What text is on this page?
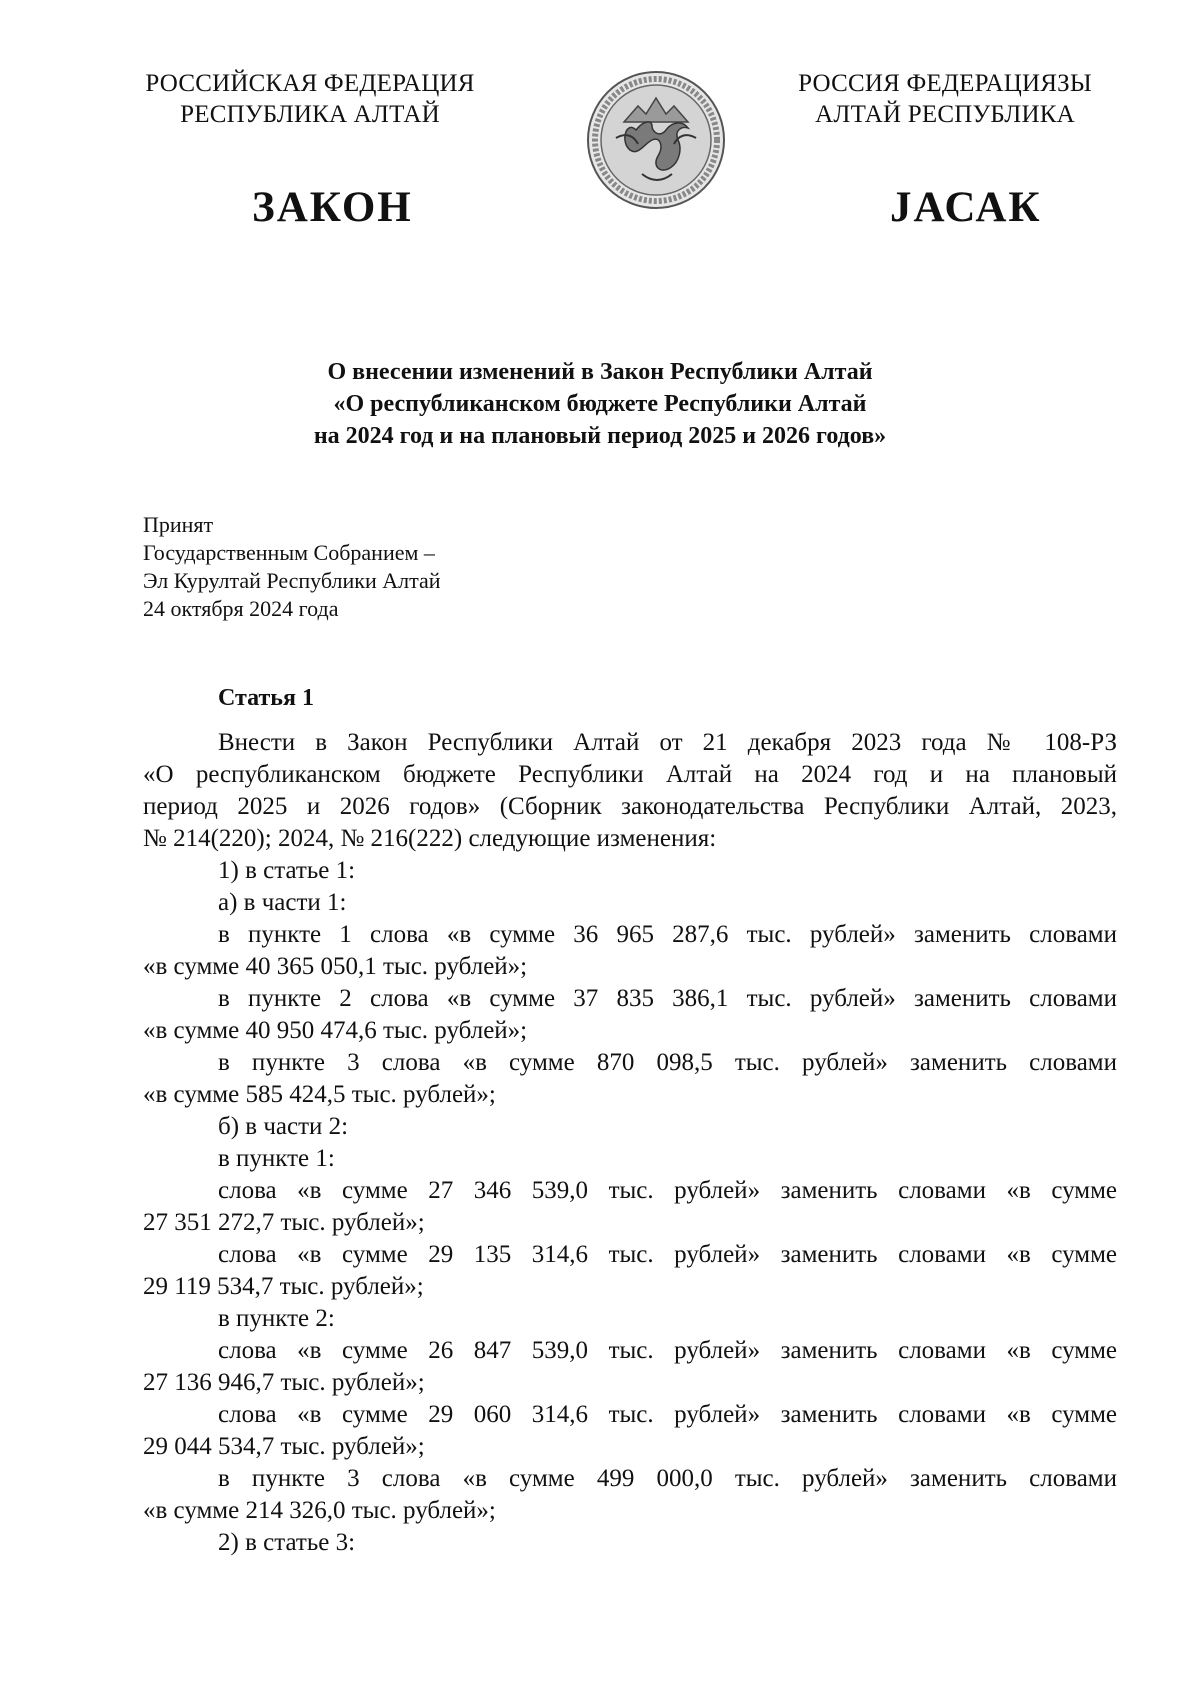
РОССИЙСКАЯ ФЕДЕРАЦИЯ
РЕСПУБЛИКА АЛТАЙ
РОССИЯ ФЕДЕРАЦИЯЗЫ
АЛТАЙ РЕСПУБЛИКА
ЗАКОН	JАСАК
О внесении изменений в Закон Республики Алтай
«О республиканском бюджете Республики Алтай
на 2024 год и на плановый период 2025 и 2026 годов»
Принят
Государственным Собранием –
Эл Курултай Республики Алтай
24 октября 2024 года
Статья 1

Внести в Закон Республики Алтай от 21 декабря 2023 года № 108-РЗ

«О республиканском бюджете Республики Алтай на 2024 год и на плановый

период 2025 и 2026 годов» (Сборник законодательства Республики Алтай, 2023,

№ 214(220); 2024, № 216(222) следующие изменения:

1) в статье 1:

а) в части 1:

в пункте 1 слова «в сумме 36 965 287,6 тыс. рублей» заменить словами

«в сумме 40 365 050,1 тыс. рублей»;

в пункте 2 слова «в сумме 37 835 386,1 тыс. рублей» заменить словами

«в сумме 40 950 474,6 тыс. рублей»;

в пункте 3 слова «в сумме 870 098,5 тыс. рублей» заменить словами

«в сумме 585 424,5 тыс. рублей»;

б) в части 2:

в пункте 1:

слова «в сумме 27 346 539,0 тыс. рублей» заменить словами «в сумме

27 351 272,7 тыс. рублей»;

слова «в сумме 29 135 314,6 тыс. рублей» заменить словами «в сумме

29 119 534,7 тыс. рублей»;

в пункте 2:

слова «в сумме 26 847 539,0 тыс. рублей» заменить словами «в сумме

27 136 946,7 тыс. рублей»;

слова «в сумме 29 060 314,6 тыс. рублей» заменить словами «в сумме

29 044 534,7 тыс. рублей»;

в пункте 3 слова «в сумме 499 000,0 тыс. рублей» заменить словами

«в сумме 214 326,0 тыс. рублей»;

2) в статье 3:
